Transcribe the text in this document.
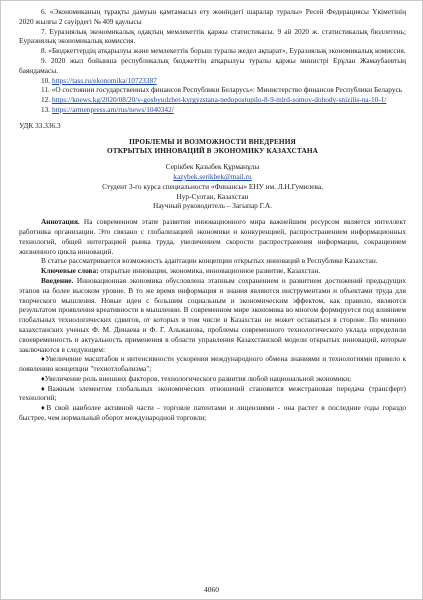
6. «Экономиканың тұрақты дамуын қамтамасыз ету жөніндегі шаралар туралы» Ресей Федерациясы Үкіметінің 2020 жылғы 2 сәуірдегі № 409 қаулысы

7. Еуразиялық экономикалық одақтың мемлекеттік қаржы статистикасы. 9 ай 2020 ж. статистикалық бюллетень; Еуразиялық экономикалық комиссия.

8. «Бюджеттердің атқарылуы және мемлекеттік борыш туралы жедел ақпарат», Еуразиялық экономикалық комиссия.

9. 2020 жыл бойынша республикалық бюджеттің атқарылуы туралы қаржы министрі Ерұлан Жамаубаевтың баяндамасы.

10. https://tass.ru/ekonomika/10723387

11. «О состоянии государственных финансов Республики Беларусь»: Министерство финансов Республики Беларусь

12. https://knews.kg/2020/08/20/v-gosbyudzhet-kyrgyzstana-nedopostupilo-8-9-mlrd-somov-dohody-snizilis-na-10-1/

13. https://armenpress.am/rus/news/1040342/

УДК 33.336.3

ПРОБЛЕМЫ И ВОЗМОЖНОСТИ ВНЕДРЕНИЯ
ОТКРЫТЫХ ИННОВАЦИЙ В ЭКОНОМИКУ КАЗАХСТАНА
Серікбек Қазыбек Құрманұлы
kazybek.serikbek@mail.ru
Студент 3-го курса специальности «Финансы» ЕНУ им. Л.Н.Гумилева,
Нур-Султан, Казахстан
Научный руководитель – Загыпар Г.А.

Аннотация. На современном этапе развития инновационного мира важнейшим ресурсом является интеллект работника организации. Это связано с глобализацией экономики и конкуренцией, распространением информационных технологий, общей интеграцией рынка труда, увеличением скорости распространения информации, сокращением жизненного цикла инноваций.

В статье рассматривается возможность адаптации концепции открытых инноваций в Республике Казахстан.

Ключевые слова: открытые инновации, экономика, инновационное развитие, Казахстан.

Введение. Инновационная экономика обусловлена этапным сохранением и развитием достижений предыдущих этапов на более высоком уровне. В то же время информация и знания являются инструментами и объектами труда для творческого мышления. Новые идеи с большим социальным и экономическим эффектом, как правило, являются результатом проявления креативности в мышлении. В современном мире экономика во многом формируется под влиянием глобальных технологических сдвигов, от которых в том числе и Казахстан не может оставаться в стороне. По мнению казахстанских ученых Ф. М. Динаева и Ф. Г. Альжанова, проблемы современного технологического уклада определили своевременность и актуальность применения в области управления Казахстанской модели открытых инноваций, которые заключаются в следующем:

♦Увеличение масштабов и интенсивности ускорения международного обмена знаниями и технологиями привело к появлению концепции "технотлобализма";

♦Увеличение роль внешних факторов, технологического развития любой национальной экономики;

♦Важным элементом глобальных экономических отношений становится межстрановая передача (трансферт) технологий;

♦В свой наиболее активной части - торговле патентами и лицензиями - она растет в последние годы гораздо быстрее, чем нормальный оборот международной торговли;

4060
